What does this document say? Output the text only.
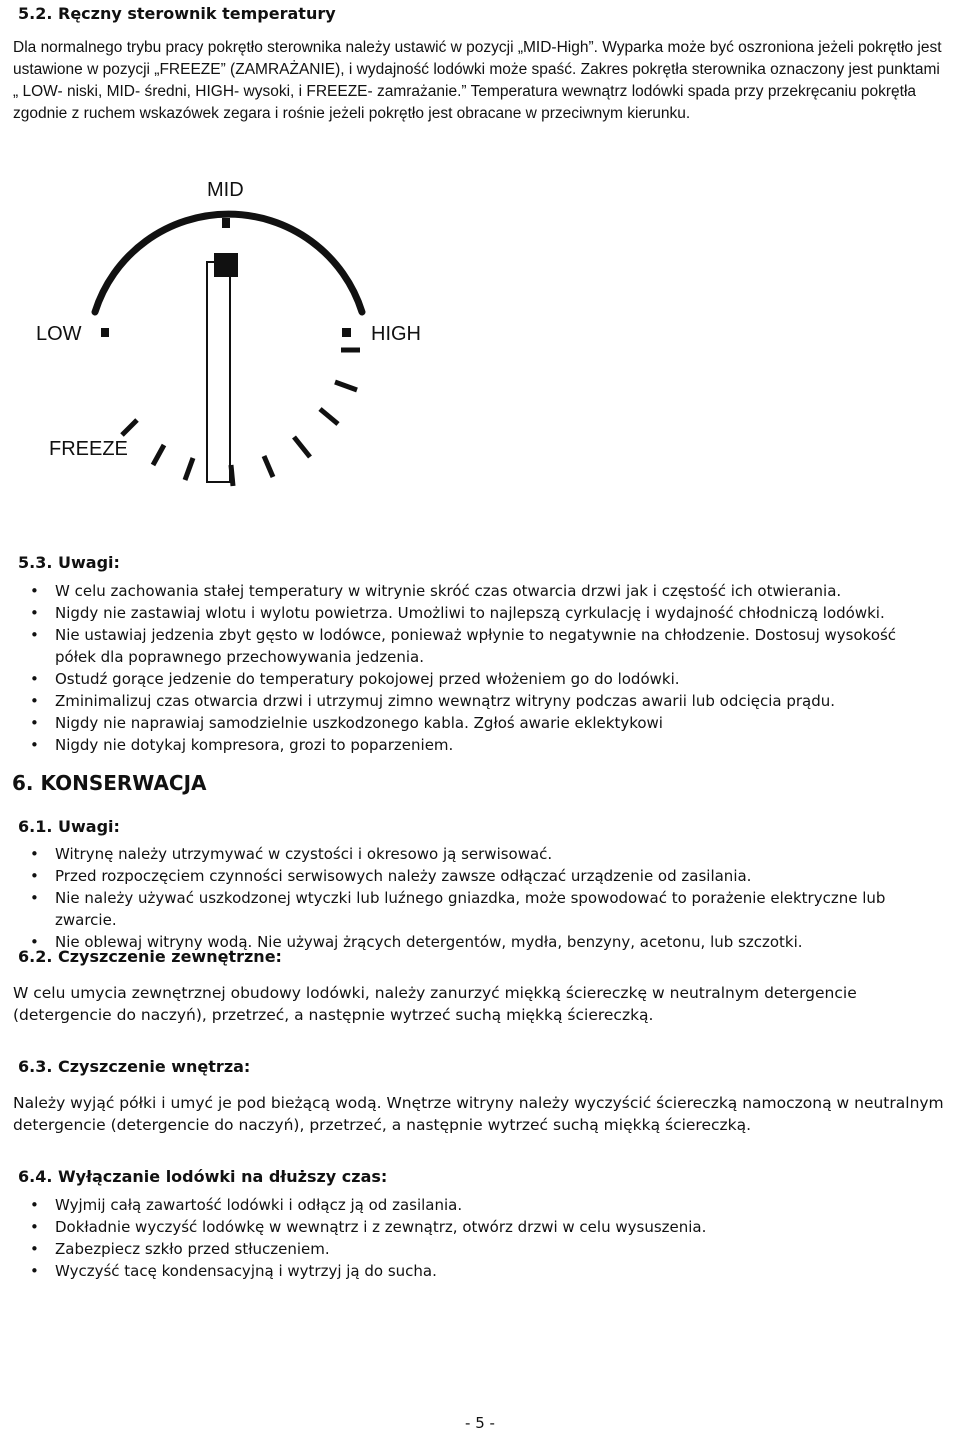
5.2. Ręczny sterownik temperatury

Dla normalnego trybu pracy pokrętło sterownika należy ustawić w pozycji „MID-High”. Wyparka może być oszroniona jeżeli pokrętło jest ustawione w pozycji „FREEZE” (ZAMRAŻANIE), i wydajność lodówki może spaść. Zakres pokrętła sterownika oznaczony jest punktami „ LOW- niski, MID- średni, HIGH- wysoki, i FREEZE- zamrażanie.” Temperatura wewnątrz lodówki spada przy przekręcaniu pokrętła zgodnie z ruchem wskazówek zegara i rośnie jeżeli pokrętło jest obracane w przeciwnym kierunku.

MID
LOW	HIGH
FREEZE
5.3. Uwagi:
• W celu zachowania stałej temperatury w witrynie skróć czas otwarcia drzwi jak i częstość ich otwierania.
• Nigdy nie zastawiaj wlotu i wylotu powietrza. Umożliwi to najlepszą cyrkulację i wydajność chłodniczą lodówki.
• Nie ustawiaj jedzenia zbyt gęsto w lodówce, ponieważ wpłynie to negatywnie na chłodzenie. Dostosuj wysokość półek dla poprawnego przechowywania jedzenia.
• Ostudź gorące jedzenie do temperatury pokojowej przed włożeniem go do lodówki.
• Zminimalizuj czas otwarcia drzwi i utrzymuj zimno wewnątrz witryny podczas awarii lub odcięcia prądu.
• Nigdy nie naprawiaj samodzielnie uszkodzonego kabla. Zgłoś awarie eklektykowi
• Nigdy nie dotykaj kompresora, grozi to poparzeniem.
6. KONSERWACJA
6.1. Uwagi:
• Witrynę należy utrzymywać w czystości i okresowo ją serwisować.
• Przed rozpoczęciem czynności serwisowych należy zawsze odłączać urządzenie od zasilania.
• Nie należy używać uszkodzonej wtyczki lub luźnego gniazdka, może spowodować to porażenie elektryczne lub zwarcie.
• Nie oblewaj witryny wodą. Nie używaj żrących detergentów, mydła, benzyny, acetonu, lub szczotki.
6.2. Czyszczenie zewnętrzne:

W celu umycia zewnętrznej obudowy lodówki, należy zanurzyć miękką ściereczkę w neutralnym detergencie (detergencie do naczyń), przetrzeć, a następnie wytrzeć suchą miękką ściereczką.

6.3. Czyszczenie wnętrza:

Należy wyjąć półki i umyć je pod bieżącą wodą. Wnętrze witryny należy wyczyścić ściereczką namoczoną w neutralnym detergencie (detergencie do naczyń), przetrzeć, a następnie wytrzeć suchą miękką ściereczką.

6.4. Wyłączanie lodówki na dłuższy czas:
• Wyjmij całą zawartość lodówki i odłącz ją od zasilania.
• Dokładnie wyczyść lodówkę w wewnątrz i z zewnątrz, otwórz drzwi w celu wysuszenia.
• Zabezpiecz szkło przed stłuczeniem.
• Wyczyść tacę kondensacyjną i wytrzyj ją do sucha.
- 5 -
